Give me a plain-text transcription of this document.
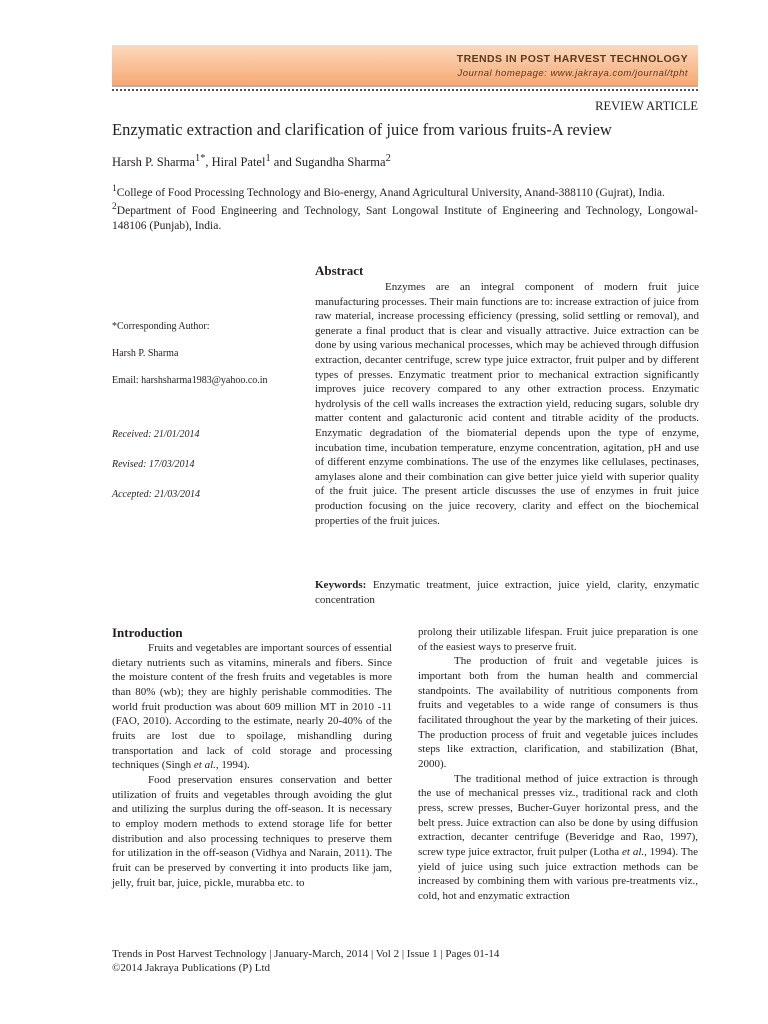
TRENDS IN POST HARVEST TECHNOLOGY
Journal homepage: www.jakraya.com/journal/tpht
REVIEW ARTICLE
Enzymatic extraction and clarification of juice from various fruits-A review
Harsh P. Sharma$^{1*}$, Hiral Patel$^1$ and Sugandha Sharma$^2$

$^1$College of Food Processing Technology and Bio-energy, Anand Agricultural University, Anand-388110 (Gujrat), India.

$^2$Department of Food Engineering and Technology, Sant Longowal Institute of Engineering and Technology, Longowal-148106 (Punjab), India.

*Corresponding Author:
Harsh P. Sharma
Email: harshsharma1983@yahoo.co.in
Received: 21/01/2014
Revised: 17/03/2014
Accepted: 21/03/2014
Abstract

Enzymes are an integral component of modern fruit juice manufacturing processes. Their main functions are to: increase extraction of juice from raw material, increase processing efficiency (pressing, solid settling or removal), and generate a final product that is clear and visually attractive. Juice extraction can be done by using various mechanical processes, which may be achieved through diffusion extraction, decanter centrifuge, screw type juice extractor, fruit pulper and by different types of presses. Enzymatic treatment prior to mechanical extraction significantly improves juice recovery compared to any other extraction process. Enzymatic hydrolysis of the cell walls increases the extraction yield, reducing sugars, soluble dry matter content and galacturonic acid content and titrable acidity of the products. Enzymatic degradation of the biomaterial depends upon the type of enzyme, incubation time, incubation temperature, enzyme concentration, agitation, pH and use of different enzyme combinations. The use of the enzymes like cellulases, pectinases, amylases alone and their combination can give better juice yield with superior quality of the fruit juice. The present article discusses the use of enzymes in fruit juice production focusing on the juice recovery, clarity and effect on the biochemical properties of the fruit juices.

Keywords: Enzymatic treatment, juice extraction, juice yield, clarity, enzymatic concentration

Introduction

Fruits and vegetables are important sources of essential dietary nutrients such as vitamins, minerals and fibers. Since the moisture content of the fresh fruits and vegetables is more than 80% (wb); they are highly perishable commodities. The world fruit production was about 609 million MT in 2010 -11 (FAO, 2010). According to the estimate, nearly 20-40% of the fruits are lost due to spoilage, mishandling during transportation and lack of cold storage and processing techniques (Singh et al., 1994).

Food preservation ensures conservation and better utilization of fruits and vegetables through avoiding the glut and utilizing the surplus during the off-season. It is necessary to employ modern methods to extend storage life for better distribution and also processing techniques to preserve them for utilization in the off-season (Vidhya and Narain, 2011). The fruit can be preserved by converting it into products like jam, jelly, fruit bar, juice, pickle, murabba etc. to

prolong their utilizable lifespan. Fruit juice preparation is one of the easiest ways to preserve fruit.

The production of fruit and vegetable juices is important both from the human health and commercial standpoints. The availability of nutritious components from fruits and vegetables to a wide range of consumers is thus facilitated throughout the year by the marketing of their juices. The production process of fruit and vegetable juices includes steps like extraction, clarification, and stabilization (Bhat, 2000).

The traditional method of juice extraction is through the use of mechanical presses viz., traditional rack and cloth press, screw presses, Bucher-Guyer horizontal press, and the belt press. Juice extraction can also be done by using diffusion extraction, decanter centrifuge (Beveridge and Rao, 1997), screw type juice extractor, fruit pulper (Lotha et al., 1994). The yield of juice using such juice extraction methods can be increased by combining them with various pre-treatments viz., cold, hot and enzymatic extraction

Trends in Post Harvest Technology | January-March, 2014 | Vol 2 | Issue 1 | Pages 01-14
©2014 Jakraya Publications (P) Ltd
